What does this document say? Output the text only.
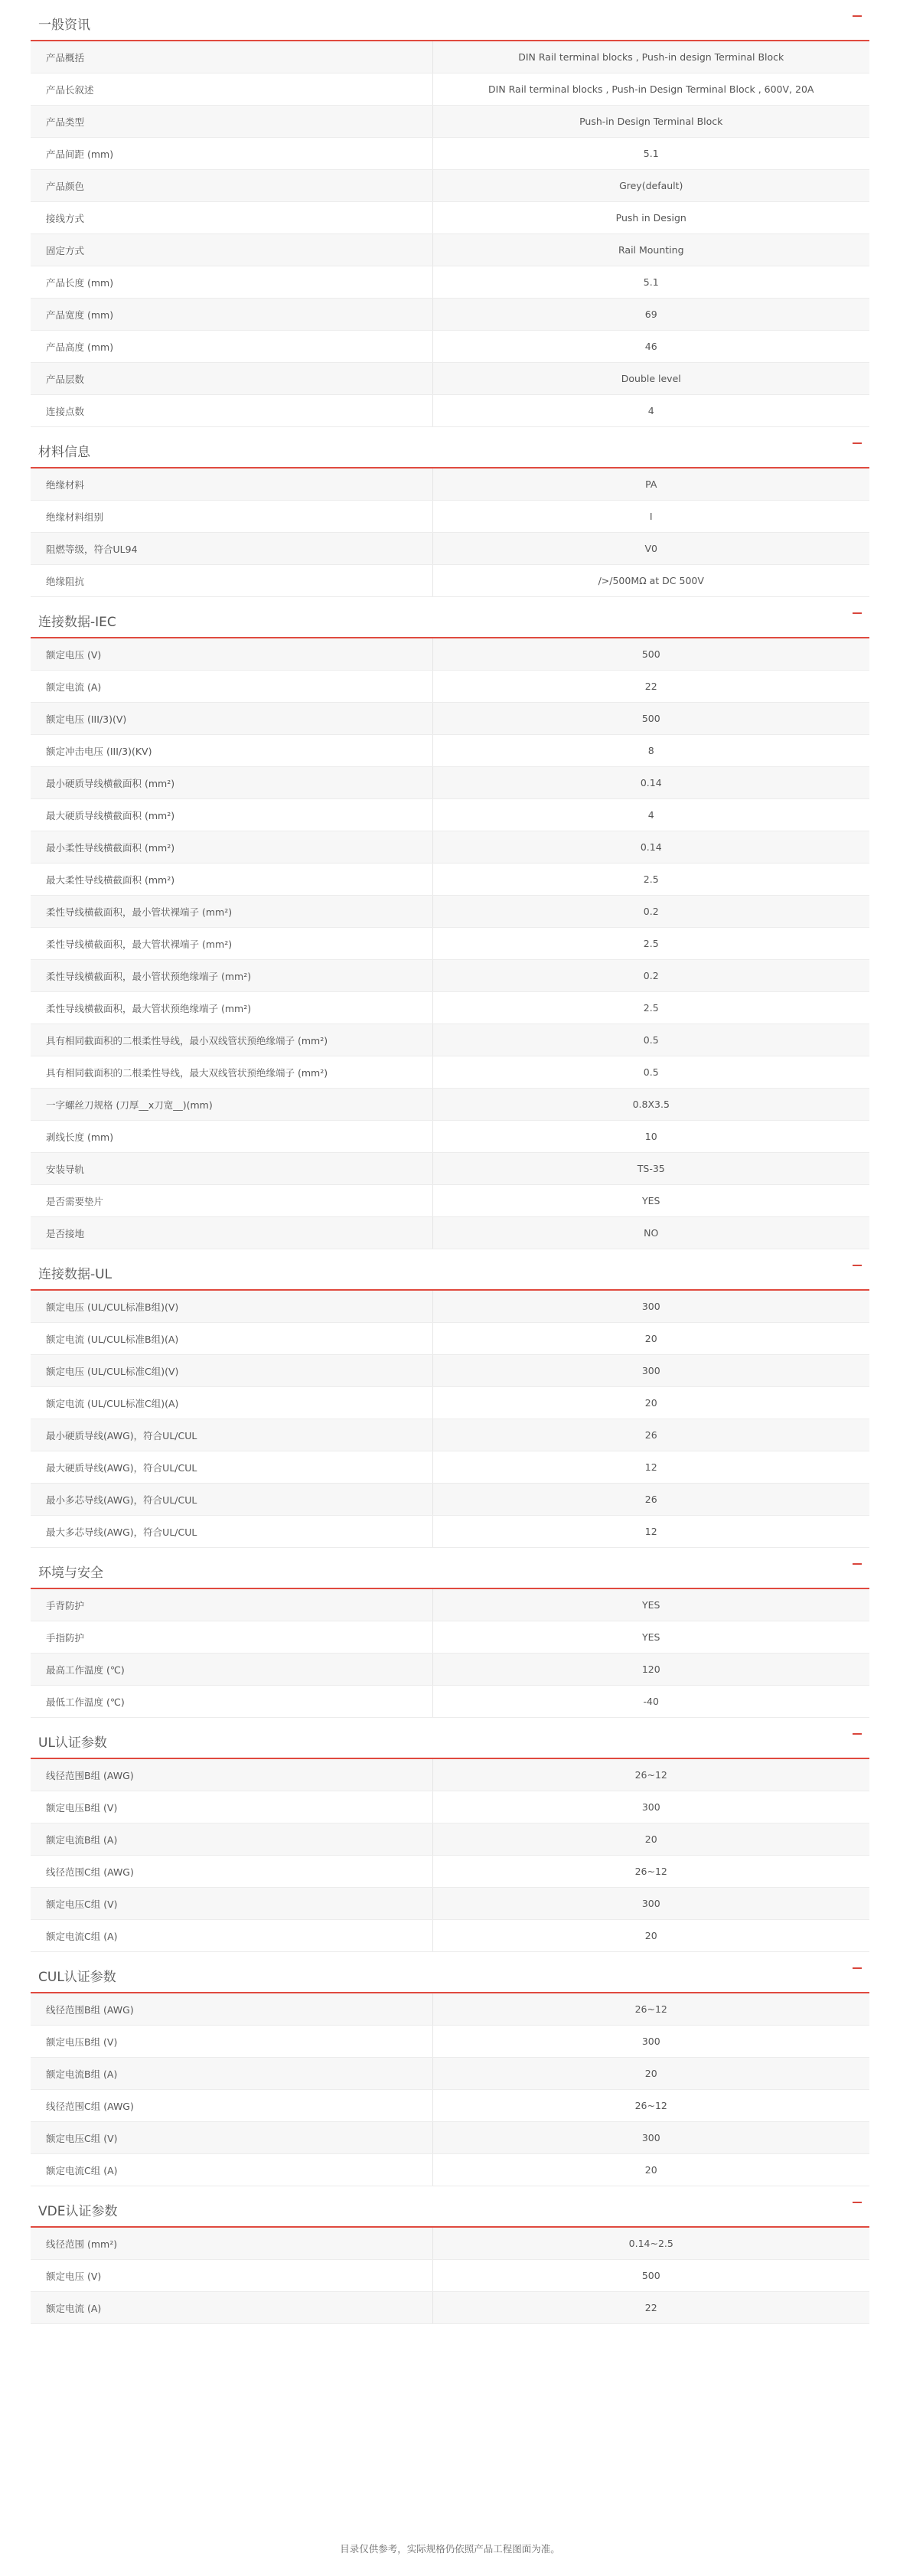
一般资讯
产品概括	DIN Rail terminal blocks , Push-in design Terminal Block
产品长叙述	DIN Rail terminal blocks , Push-in Design Terminal Block , 600V, 20A
产品类型	Push-in Design Terminal Block
产品间距 (mm)	5.1
产品颜色	Grey(default)
接线方式	Push in Design
固定方式	Rail Mounting
产品长度 (mm)	5.1
产品宽度 (mm)	69
产品高度 (mm)	46
产品层数	Double level
连接点数	4
材料信息
绝缘材料	PA
绝缘材料组别	I
阻燃等级，符合UL94	V0
绝缘阻抗	/>/500MΩ at DC 500V
连接数据-IEC
额定电压 (V)	500
额定电流 (A)	22
额定电压 (III/3)(V)	500
额定冲击电压 (III/3)(KV)	8
最小硬质导线横截面积 (mm²)	0.14
最大硬质导线横截面积 (mm²)	4
最小柔性导线横截面积 (mm²)	0.14
最大柔性导线横截面积 (mm²)	2.5
柔性导线横截面积，最小管状裸端子 (mm²)	0.2
柔性导线横截面积，最大管状裸端子 (mm²)	2.5
柔性导线横截面积，最小管状预绝缘端子 (mm²)	0.2
柔性导线横截面积，最大管状预绝缘端子 (mm²)	2.5
具有相同截面积的二根柔性导线，最小双线管状预绝缘端子 (mm²)	0.5
具有相同截面积的二根柔性导线，最大双线管状预绝缘端子 (mm²)	0.5
一字螺丝刀规格 (刀厚__x刀宽__)(mm)	0.8X3.5
剥线长度 (mm)	10
安装导轨	TS-35
是否需要垫片	YES
是否接地	NO
连接数据-UL
额定电压 (UL/CUL标准B组)(V)	300
额定电流 (UL/CUL标准B组)(A)	20
额定电压 (UL/CUL标准C组)(V)	300
额定电流 (UL/CUL标准C组)(A)	20
最小硬质导线(AWG)，符合UL/CUL	26
最大硬质导线(AWG)，符合UL/CUL	12
最小多芯导线(AWG)，符合UL/CUL	26
最大多芯导线(AWG)，符合UL/CUL	12
环境与安全
手背防护	YES
手指防护	YES
最高工作温度 (℃)	120
最低工作温度 (℃)	-40
UL认证参数
线径范围B组 (AWG)	26~12
额定电压B组 (V)	300
额定电流B组 (A)	20
线径范围C组 (AWG)	26~12
额定电压C组 (V)	300
额定电流C组 (A)	20
CUL认证参数
线径范围B组 (AWG)	26~12
额定电压B组 (V)	300
额定电流B组 (A)	20
线径范围C组 (AWG)	26~12
额定电压C组 (V)	300
额定电流C组 (A)	20
VDE认证参数
线径范围 (mm²)	0.14~2.5
额定电压 (V)	500
额定电流 (A)	22
目录仅供参考，实际规格仍依照产品工程图面为准。
